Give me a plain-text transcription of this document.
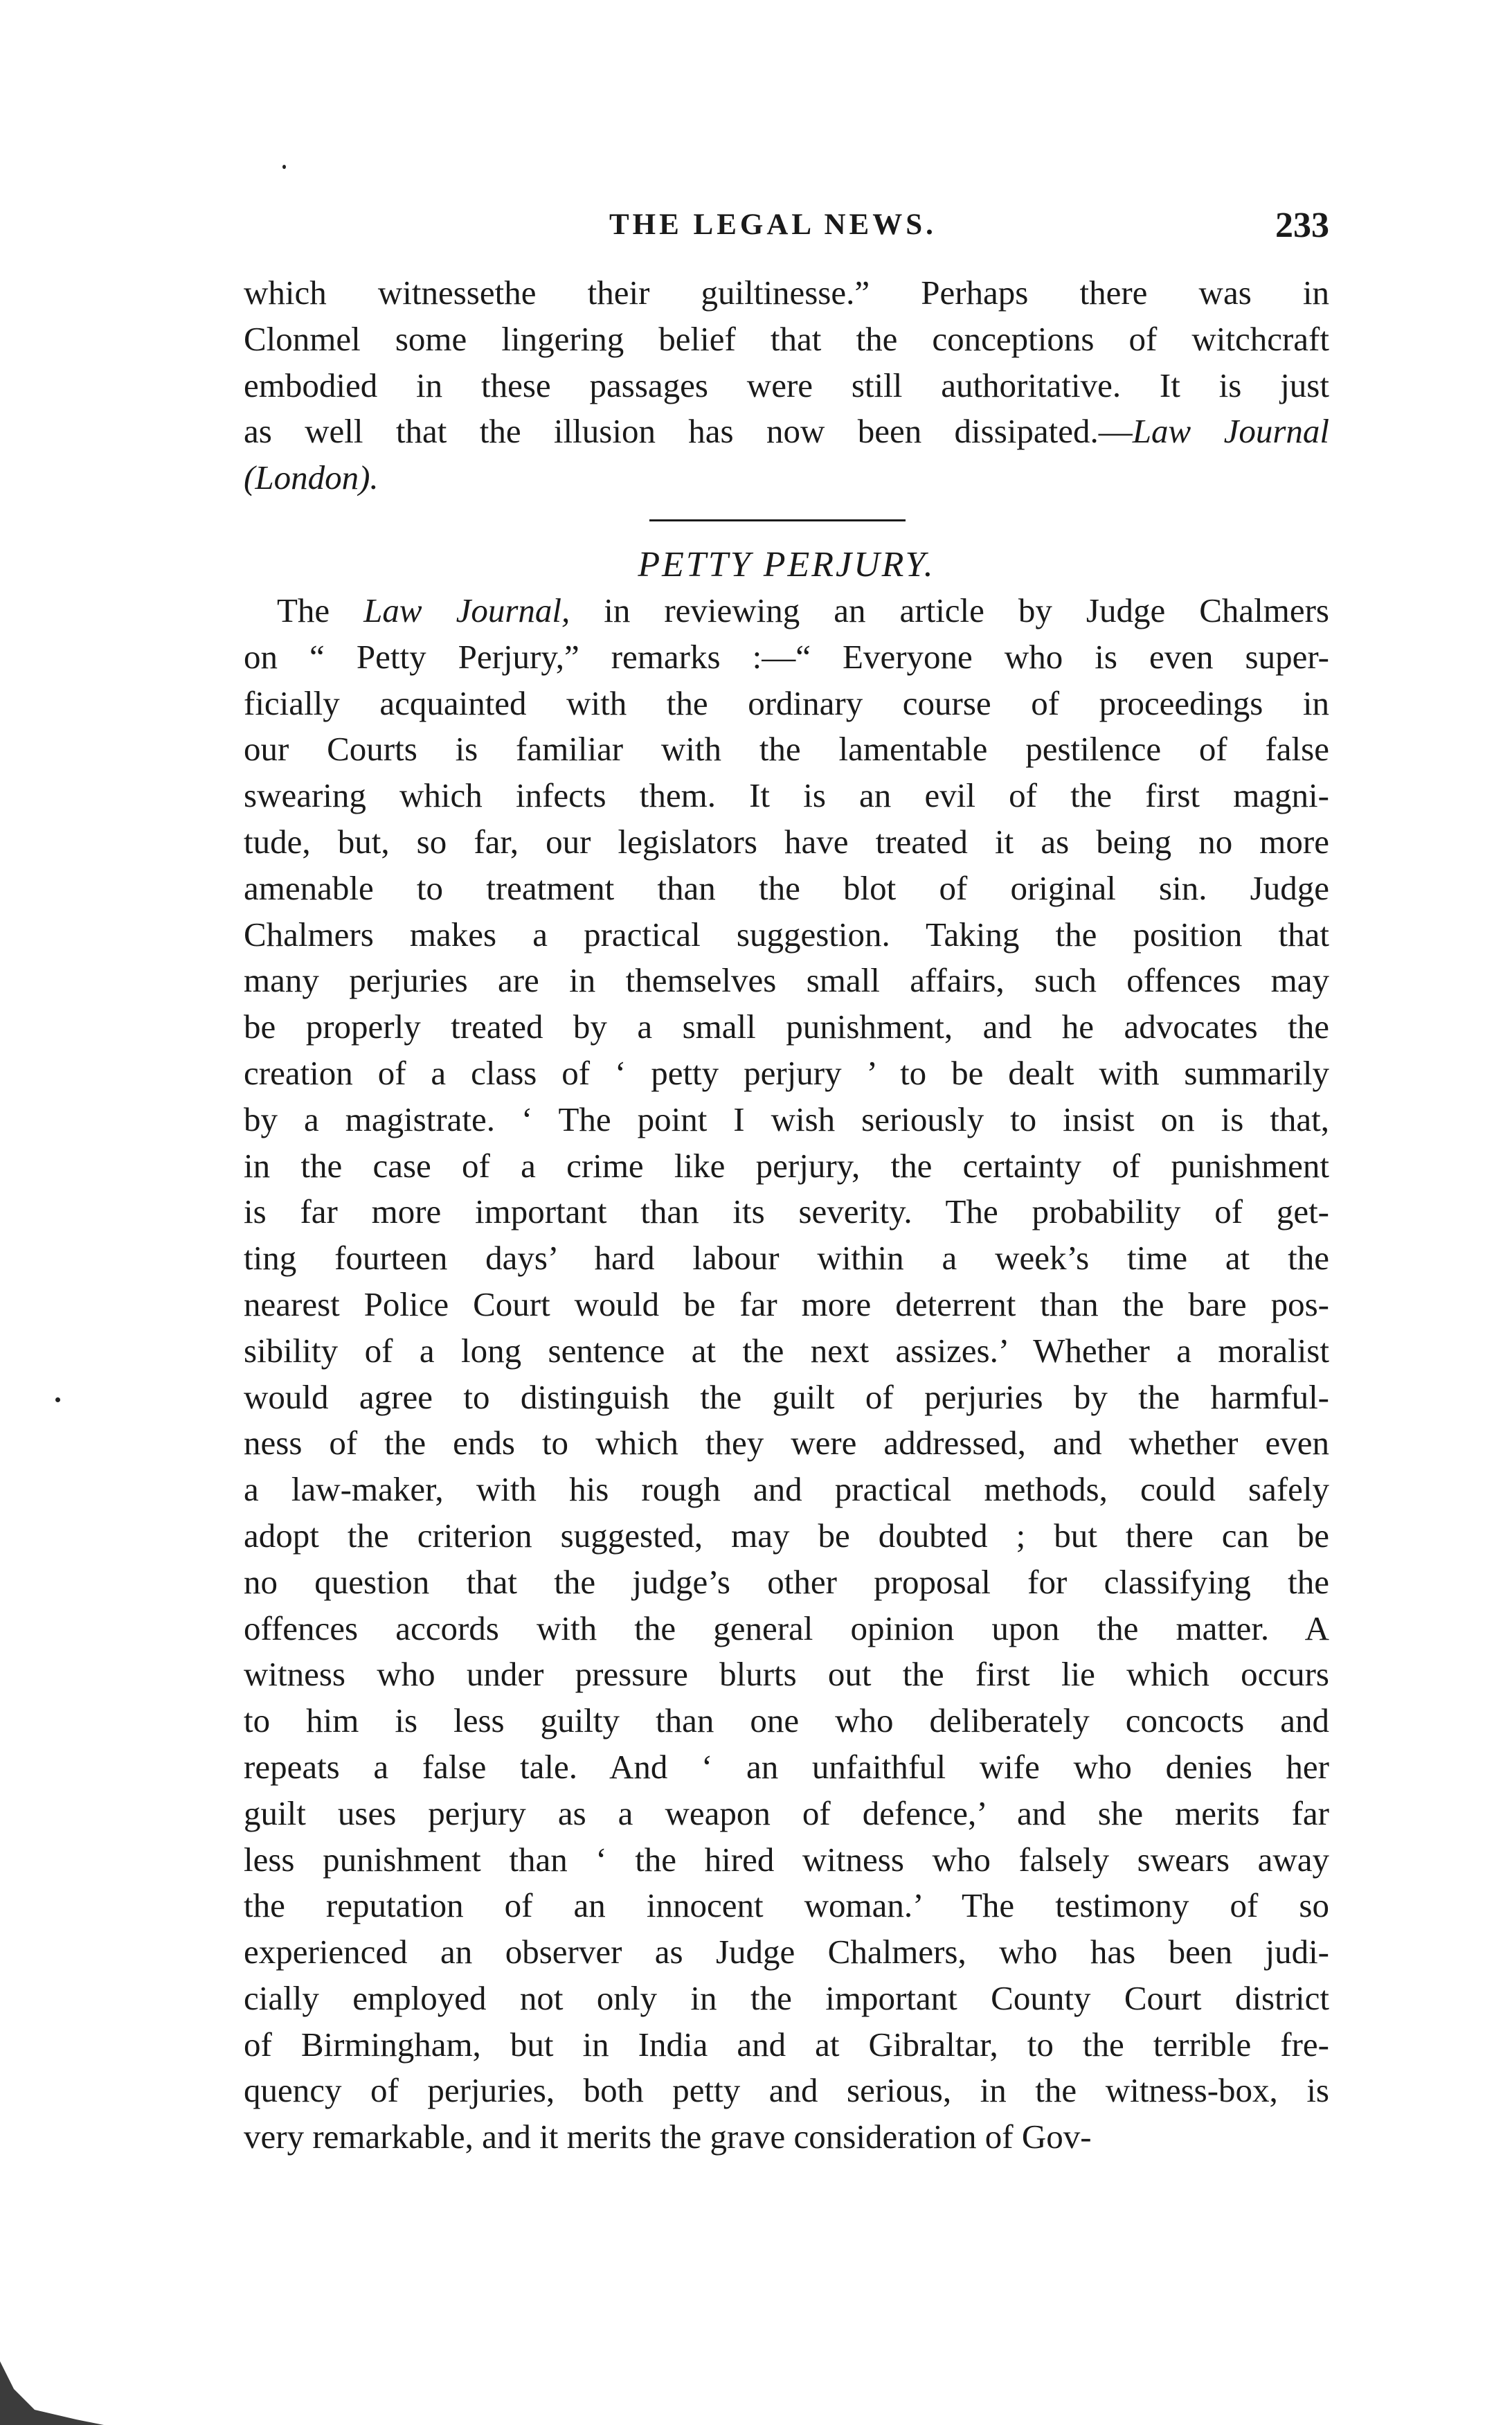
THE LEGAL NEWS.	233
which witnessethe their guiltinesse.” Perhaps there was in
Clonmel some lingering belief that the conceptions of witchcraft
embodied in these passages were still authoritative. It is just
as well that the illusion has now been dissipated.—Law Journal
(London).
PETTY PERJURY.
The Law Journal, in reviewing an article by Judge Chalmers
on “ Petty Perjury,” remarks :—“ Everyone who is even super-
ficially acquainted with the ordinary course of proceedings in
our Courts is familiar with the lamentable pestilence of false
swearing which infects them. It is an evil of the first magni-
tude, but, so far, our legislators have treated it as being no more
amenable to treatment than the blot of original sin. Judge
Chalmers makes a practical suggestion. Taking the position that
many perjuries are in themselves small affairs, such offences may
be properly treated by a small punishment, and he advocates the
creation of a class of ‘ petty perjury ’ to be dealt with summarily
by a magistrate. ‘ The point I wish seriously to insist on is that,
in the case of a crime like perjury, the certainty of punishment
is far more important than its severity. The probability of get-
ting fourteen days’ hard labour within a week’s time at the
nearest Police Court would be far more deterrent than the bare pos-
sibility of a long sentence at the next assizes.’ Whether a moralist
would agree to distinguish the guilt of perjuries by the harmful-
ness of the ends to which they were addressed, and whether even
a law-maker, with his rough and practical methods, could safely
adopt the criterion suggested, may be doubted ; but there can be
no question that the judge’s other proposal for classifying the
offences accords with the general opinion upon the matter. A
witness who under pressure blurts out the first lie which occurs
to him is less guilty than one who deliberately concocts and
repeats a false tale. And ‘ an unfaithful wife who denies her
guilt uses perjury as a weapon of defence,’ and she merits far
less punishment than ‘ the hired witness who falsely swears away
the reputation of an innocent woman.’ The testimony of so
experienced an observer as Judge Chalmers, who has been judi-
cially employed not only in the important County Court district
of Birmingham, but in India and at Gibraltar, to the terrible fre-
quency of perjuries, both petty and serious, in the witness-box, is
very remarkable, and it merits the grave consideration of Gov-
